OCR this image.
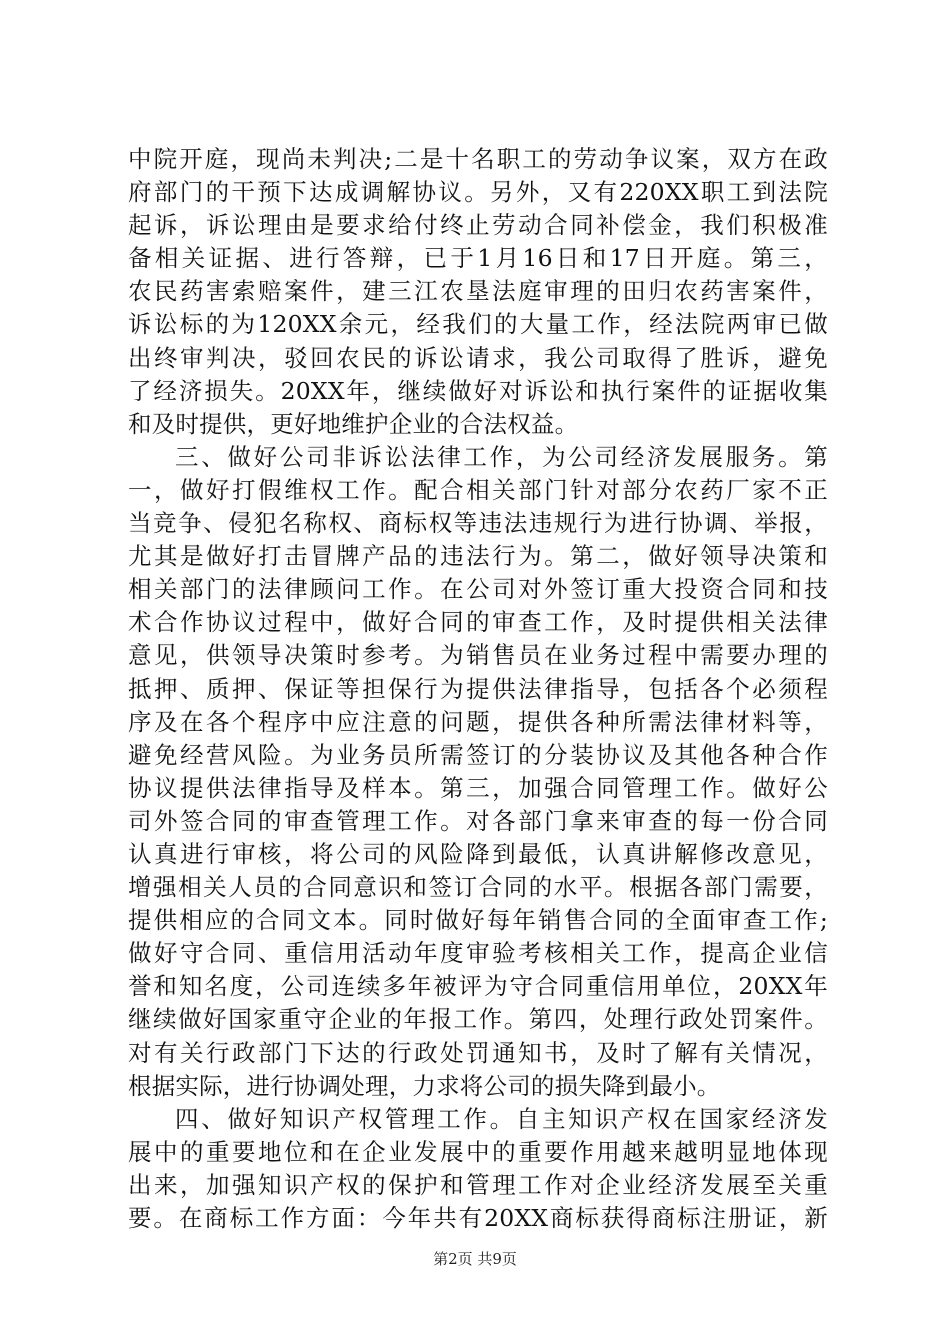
中院开庭，现尚未判决;二是十名职工的劳动争议案，双方在政
府部门的干预下达成调解协议。另外，又有220XX职工到法院
起诉，诉讼理由是要求给付终止劳动合同补偿金，我们积极准
备相关证据、进行答辩，已于1月16日和17日开庭。第三，
农民药害索赔案件，建三江农垦法庭审理的田归农药害案件，
诉讼标的为120XX余元，经我们的大量工作，经法院两审已做
出终审判决，驳回农民的诉讼请求，我公司取得了胜诉，避免
了经济损失。20XX年，继续做好对诉讼和执行案件的证据收集
和及时提供，更好地维护企业的合法权益。
三、做好公司非诉讼法律工作，为公司经济发展服务。第
一，做好打假维权工作。配合相关部门针对部分农药厂家不正
当竞争、侵犯名称权、商标权等违法违规行为进行协调、举报，
尤其是做好打击冒牌产品的违法行为。第二，做好领导决策和
相关部门的法律顾问工作。在公司对外签订重大投资合同和技
术合作协议过程中，做好合同的审查工作，及时提供相关法律
意见，供领导决策时参考。为销售员在业务过程中需要办理的
抵押、质押、保证等担保行为提供法律指导，包括各个必须程
序及在各个程序中应注意的问题，提供各种所需法律材料等，
避免经营风险。为业务员所需签订的分装协议及其他各种合作
协议提供法律指导及样本。第三，加强合同管理工作。做好公
司外签合同的审查管理工作。对各部门拿来审查的每一份合同
认真进行审核，将公司的风险降到最低，认真讲解修改意见，
增强相关人员的合同意识和签订合同的水平。根据各部门需要，
提供相应的合同文本。同时做好每年销售合同的全面审查工作;
做好守合同、重信用活动年度审验考核相关工作，提高企业信
誉和知名度，公司连续多年被评为守合同重信用单位，20XX年
继续做好国家重守企业的年报工作。第四，处理行政处罚案件。
对有关行政部门下达的行政处罚通知书，及时了解有关情况，
根据实际，进行协调处理，力求将公司的损失降到最小。
四、做好知识产权管理工作。自主知识产权在国家经济发
展中的重要地位和在企业发展中的重要作用越来越明显地体现
出来，加强知识产权的保护和管理工作对企业经济发展至关重
要。在商标工作方面：今年共有20XX商标获得商标注册证，新
第2页 共9页
